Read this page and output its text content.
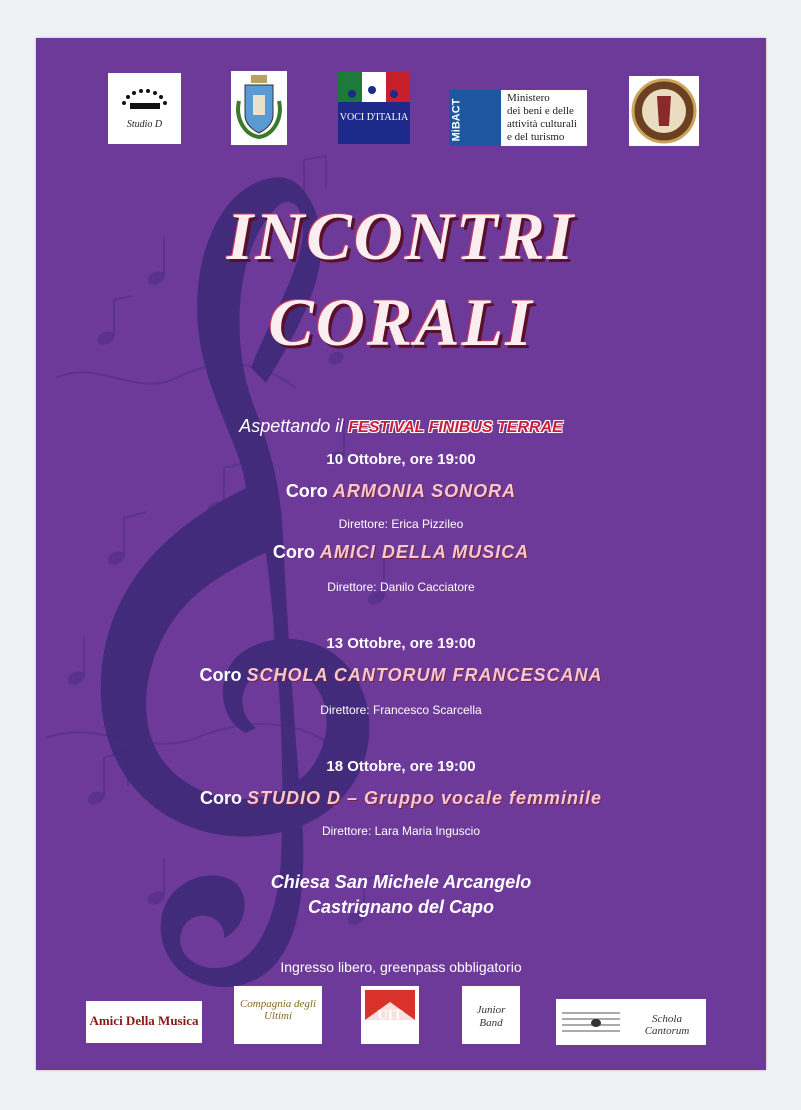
Studio D
VOCI D'ITALIA	MiBACT
Ministero
dei beni e delle
attività culturali
e del turismo
INCONTRI
CORALI
Aspettando il FESTIVAL FINIBUS TERRAE
10 Ottobre, ore 19:00
Coro ARMONIA SONORA
Direttore: Erica Pizzileo
Coro AMICI DELLA MUSICA
Direttore: Danilo Cacciatore
13 Ottobre, ore 19:00
Coro SCHOLA CANTORUM FRANCESCANA
Direttore: Francesco Scarcella
18 Ottobre, ore 19:00
Coro STUDIO D – Gruppo vocale femminile
Direttore: Lara Maria Inguscio
Chiesa San Michele Arcangelo
Castrignano del Capo
Ingresso libero, greenpass obbligatorio
Amici Della Musica
Compagnia degli Ultimi	UIT	Junior Band	Schola Cantorum
